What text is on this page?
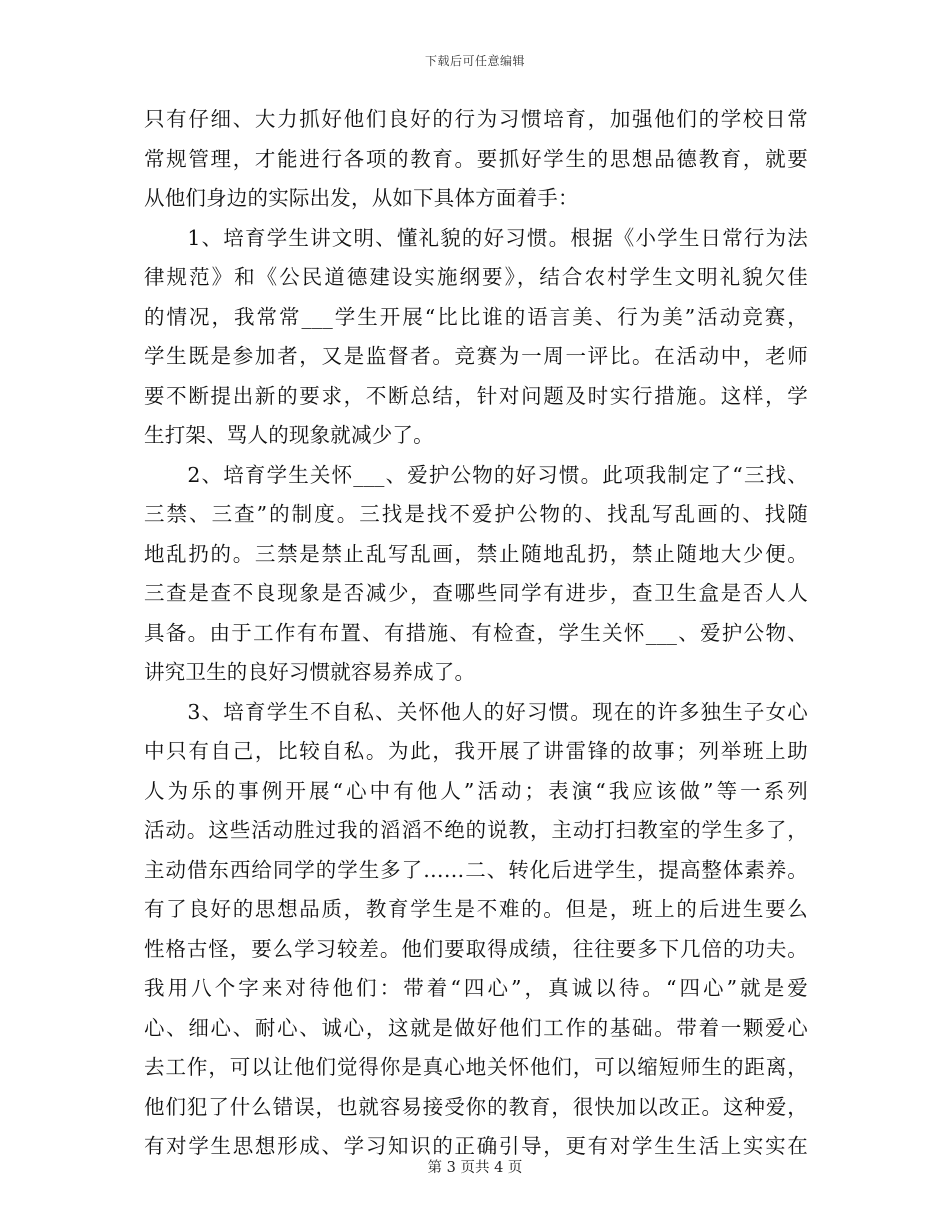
下载后可任意编辑
只有仔细、大力抓好他们良好的行为习惯培育，加强他们的学校日常
常规管理，才能进行各项的教育。要抓好学生的思想品德教育，就要
从他们身边的实际出发，从如下具体方面着手：
　　1、培育学生讲文明、懂礼貌的好习惯。根据《小学生日常行为法
律规范》和《公民道德建设实施纲要》，结合农村学生文明礼貌欠佳
的情况，我常常___学生开展“比比谁的语言美、行为美”活动竞赛，
学生既是参加者，又是监督者。竞赛为一周一评比。在活动中，老师
要不断提出新的要求，不断总结，针对问题及时实行措施。这样，学
生打架、骂人的现象就减少了。
　　2、培育学生关怀___、爱护公物的好习惯。此项我制定了“三找、
三禁、三查”的制度。三找是找不爱护公物的、找乱写乱画的、找随
地乱扔的。三禁是禁止乱写乱画，禁止随地乱扔，禁止随地大少便。
三查是查不良现象是否减少，查哪些同学有进步，查卫生盒是否人人
具备。由于工作有布置、有措施、有检查，学生关怀___、爱护公物、
讲究卫生的良好习惯就容易养成了。
　　3、培育学生不自私、关怀他人的好习惯。现在的许多独生子女心
中只有自己，比较自私。为此，我开展了讲雷锋的故事；列举班上助
人为乐的事例开展“心中有他人”活动；表演“我应该做”等一系列
活动。这些活动胜过我的滔滔不绝的说教，主动打扫教室的学生多了，
主动借东西给同学的学生多了……二、转化后进学生，提高整体素养。
有了良好的思想品质，教育学生是不难的。但是，班上的后进生要么
性格古怪，要么学习较差。他们要取得成绩，往往要多下几倍的功夫。
我用八个字来对待他们：带着“四心”，真诚以待。“四心”就是爱
心、细心、耐心、诚心，这就是做好他们工作的基础。带着一颗爱心
去工作，可以让他们觉得你是真心地关怀他们，可以缩短师生的距离，
他们犯了什么错误，也就容易接受你的教育，很快加以改正。这种爱，
有对学生思想形成、学习知识的正确引导，更有对学生生活上实实在
第 3 页共 4 页
